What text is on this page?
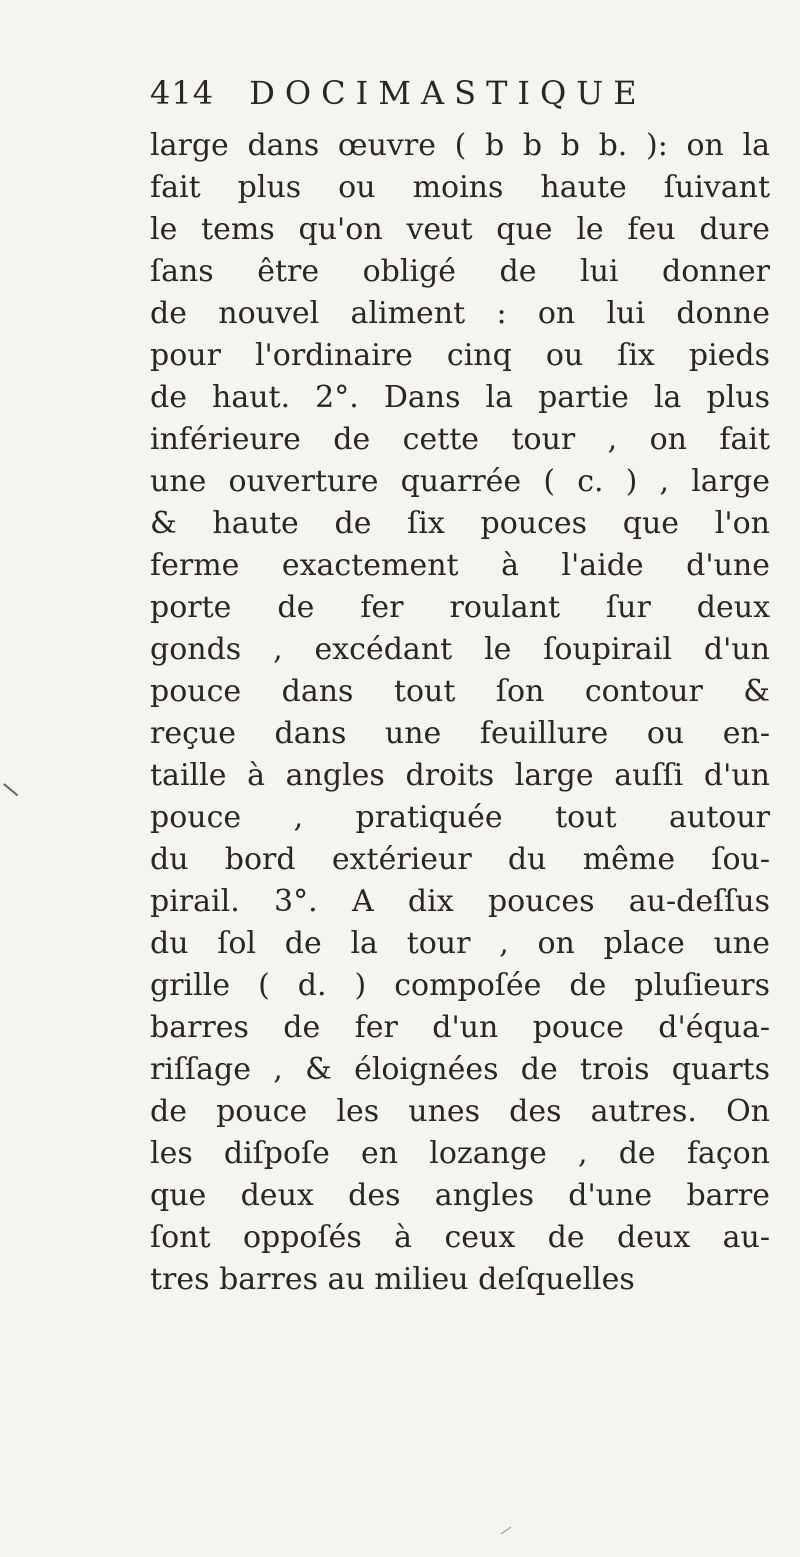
414 DOCIMASTIQUE
large dans œuvre ( b b b b. ): on la
fait plus ou moins haute ſuivant
le tems qu'on veut que le feu dure
ſans être obligé de lui donner
de nouvel aliment : on lui donne
pour l'ordinaire cinq ou ſix pieds
de haut. 2°. Dans la partie la plus
inférieure de cette tour , on fait
une ouverture quarrée ( c. ) , large
& haute de ſix pouces que l'on
ferme exactement à l'aide d'une
porte de fer roulant ſur deux
gonds , excédant le ſoupirail d'un
pouce dans tout ſon contour &
reçue dans une feuillure ou en-
taille à angles droits large auſſi d'un
pouce , pratiquée tout autour
du bord extérieur du même ſou-
pirail. 3°. A dix pouces au-deſſus
du ſol de la tour , on place une
grille ( d. ) compoſée de pluſieurs
barres de fer d'un pouce d'équa-
riſſage , & éloignées de trois quarts
de pouce les unes des autres. On
les diſpoſe en lozange , de façon
que deux des angles d'une barre
ſont oppoſés à ceux de deux au-
tres barres au milieu deſquelles
